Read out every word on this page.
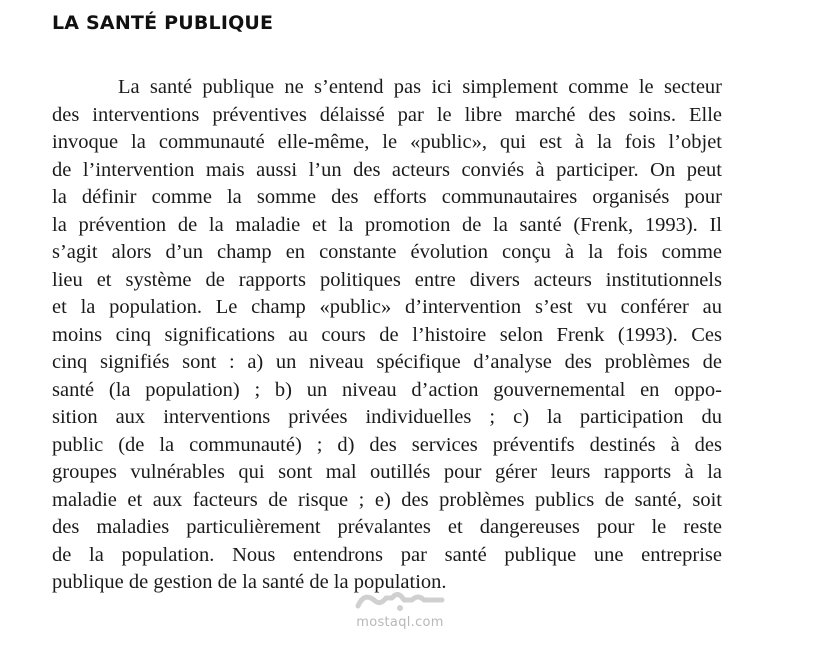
LA SANTÉ PUBLIQUE
La santé publique ne s’entend pas ici simplement comme le secteur
des interventions préventives délaissé par le libre marché des soins. Elle
invoque la communauté elle-même, le «public», qui est à la fois l’objet
de l’intervention mais aussi l’un des acteurs conviés à participer. On peut
la définir comme la somme des efforts communautaires organisés pour
la prévention de la maladie et la promotion de la santé (Frenk, 1993). Il
s’agit alors d’un champ en constante évolution conçu à la fois comme
lieu et système de rapports politiques entre divers acteurs institutionnels
et la population. Le champ «public» d’intervention s’est vu conférer au
moins cinq significations au cours de l’histoire selon Frenk (1993). Ces
cinq signifiés sont : a) un niveau spécifique d’analyse des problèmes de
santé (la population) ; b) un niveau d’action gouvernemental en oppo-
sition aux interventions privées individuelles ; c) la participation du
public (de la communauté) ; d) des services préventifs destinés à des
groupes vulnérables qui sont mal outillés pour gérer leurs rapports à la
maladie et aux facteurs de risque ; e) des problèmes publics de santé, soit
des maladies particulièrement prévalantes et dangereuses pour le reste
de la population. Nous entendrons par santé publique une entreprise
publique de gestion de la santé de la population.
mostaql.com
